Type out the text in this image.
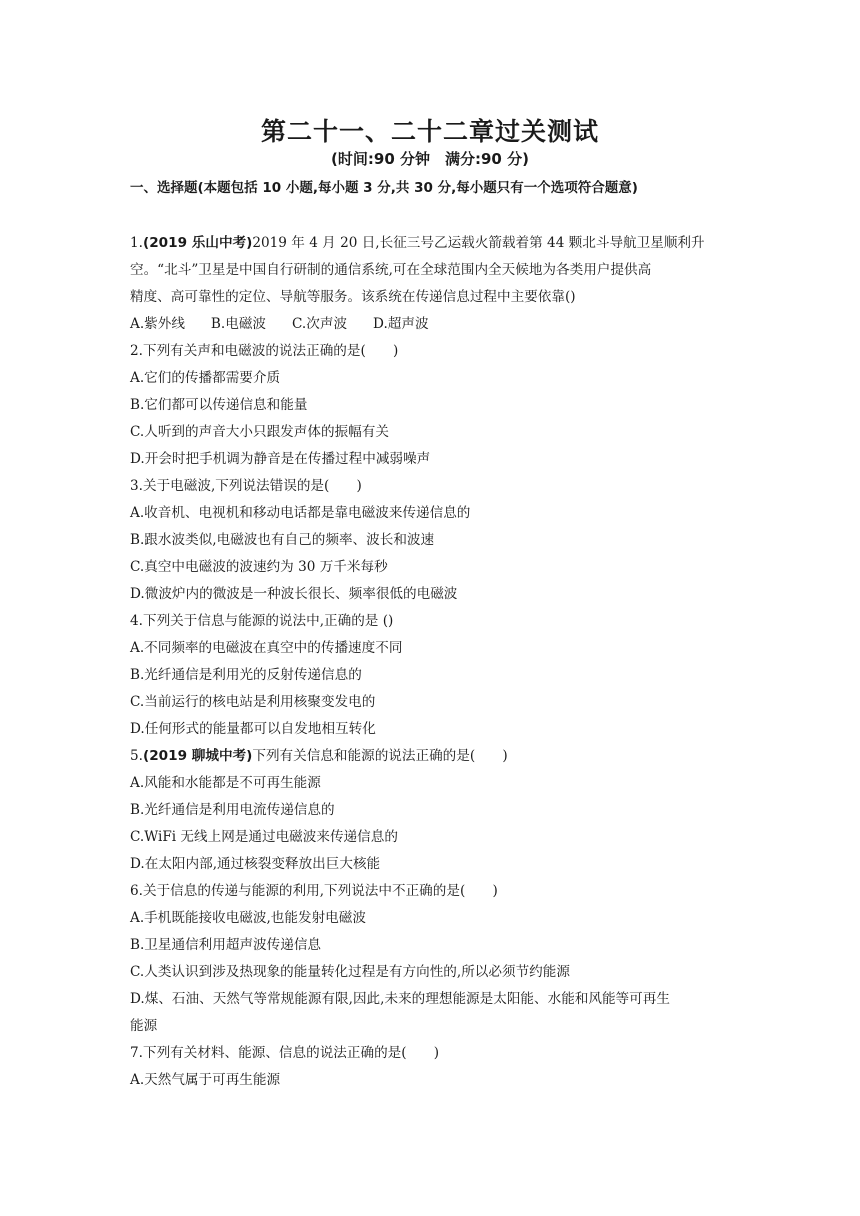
第二十一、二十二章过关测试
(时间:90 分钟　满分:90 分)
一、选择题(本题包括 10 小题,每小题 3 分,共 30 分,每小题只有一个选项符合题意)
1.(2019 乐山中考)2019 年 4 月 20 日,长征三号乙运载火箭载着第 44 颗北斗导航卫星顺利升
空。“北斗”卫星是中国自行研制的通信系统,可在全球范围内全天候地为各类用户提供高
精度、高可靠性的定位、导航等服务。该系统在传递信息过程中主要依靠()
A.紫外线 B.电磁波 C.次声波 D.超声波
2.下列有关声和电磁波的说法正确的是(　　)
A.它们的传播都需要介质
B.它们都可以传递信息和能量
C.人听到的声音大小只跟发声体的振幅有关
D.开会时把手机调为静音是在传播过程中减弱噪声
3.关于电磁波,下列说法错误的是(　　)
A.收音机、电视机和移动电话都是靠电磁波来传递信息的
B.跟水波类似,电磁波也有自己的频率、波长和波速
C.真空中电磁波的波速约为 30 万千米每秒
D.微波炉内的微波是一种波长很长、频率很低的电磁波
4.下列关于信息与能源的说法中,正确的是 ()
A.不同频率的电磁波在真空中的传播速度不同
B.光纤通信是利用光的反射传递信息的
C.当前运行的核电站是利用核聚变发电的
D.任何形式的能量都可以自发地相互转化
5.(2019 聊城中考)下列有关信息和能源的说法正确的是(　　)
A.风能和水能都是不可再生能源
B.光纤通信是利用电流传递信息的
C.WiFi 无线上网是通过电磁波来传递信息的
D.在太阳内部,通过核裂变释放出巨大核能
6.关于信息的传递与能源的利用,下列说法中不正确的是(　　)
A.手机既能接收电磁波,也能发射电磁波
B.卫星通信利用超声波传递信息
C.人类认识到涉及热现象的能量转化过程是有方向性的,所以必须节约能源
D.煤、石油、天然气等常规能源有限,因此,未来的理想能源是太阳能、水能和风能等可再生
能源
7.下列有关材料、能源、信息的说法正确的是(　　)
A.天然气属于可再生能源
